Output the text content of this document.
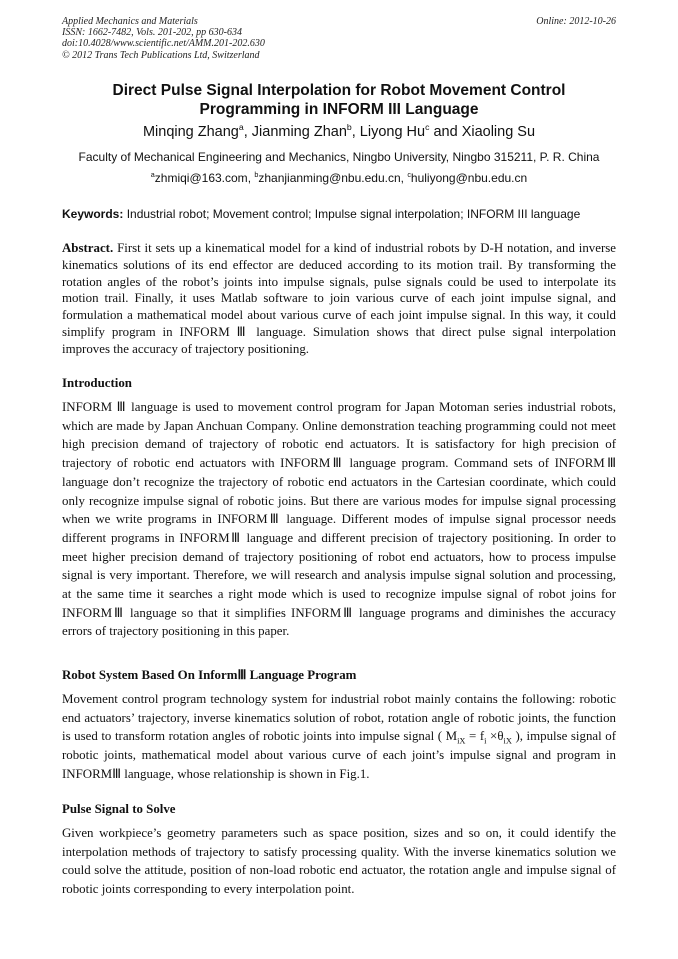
Applied Mechanics and Materials
ISSN: 1662-7482, Vols. 201-202, pp 630-634
doi:10.4028/www.scientific.net/AMM.201-202.630
© 2012 Trans Tech Publications Ltd, Switzerland
Online: 2012-10-26
Direct Pulse Signal Interpolation for Robot Movement Control Programming in INFORM III Language
Minqing Zhang$^a$, Jianming Zhan$^b$, Liyong Hu$^c$ and Xiaoling Su
Faculty of Mechanical Engineering and Mechanics, Ningbo University, Ningbo 315211, P. R. China
$^a$zhmiqi@163.com, $^b$zhanjianming@nbu.edu.cn, $^c$huliyong@nbu.edu.cn
Keywords: Industrial robot; Movement control; Impulse signal interpolation; INFORM III language

Abstract. First it sets up a kinematical model for a kind of industrial robots by D-H notation, and inverse kinematics solutions of its end effector are deduced according to its motion trail. By transforming the rotation angles of the robot’s joints into impulse signals, pulse signals could be used to interpolate its motion trail. Finally, it uses Matlab software to join various curve of each joint impulse signal, and formulation a mathematical model about various curve of each joint impulse signal. In this way, it could simplify program in INFORM Ⅲ language. Simulation shows that direct pulse signal interpolation improves the accuracy of trajectory positioning.

Introduction

INFORM Ⅲ language is used to movement control program for Japan Motoman series industrial robots, which are made by Japan Anchuan Company. Online demonstration teaching programming could not meet high precision demand of trajectory of robotic end actuators. It is satisfactory for high precision of trajectory of robotic end actuators with INFORMⅢ language program. Command sets of INFORMⅢ language don’t recognize the trajectory of robotic end actuators in the Cartesian coordinate, which could only recognize impulse signal of robotic joins. But there are various modes for impulse signal processing when we write programs in INFORMⅢ language. Different modes of impulse signal processor needs different programs in INFORMⅢ language and different precision of trajectory positioning. In order to meet higher precision demand of trajectory positioning of robot end actuators, how to process impulse signal is very important. Therefore, we will research and analysis impulse signal solution and processing, at the same time it searches a right mode which is used to recognize impulse signal of robot joins for INFORMⅢ language so that it simplifies INFORMⅢ language programs and diminishes the accuracy errors of trajectory positioning in this paper.

Robot System Based On InformⅢ Language Program

Movement control program technology system for industrial robot mainly contains the following: robotic end actuators’ trajectory, inverse kinematics solution of robot, rotation angle of robotic joints, the function is used to transform rotation angles of robotic joints into impulse signal ( $M_{iX} = f_i \times\theta_{iX}$ ), impulse signal of robotic joints, mathematical model about various curve of each joint’s impulse signal and program in INFORMⅢ language, whose relationship is shown in Fig.1.

Pulse Signal to Solve

Given workpiece’s geometry parameters such as space position, sizes and so on, it could identify the interpolation methods of trajectory to satisfy processing quality. With the inverse kinematics solution we could solve the attitude, position of non-load robotic end actuator, the rotation angle and impulse signal of robotic joints corresponding to every interpolation point.
